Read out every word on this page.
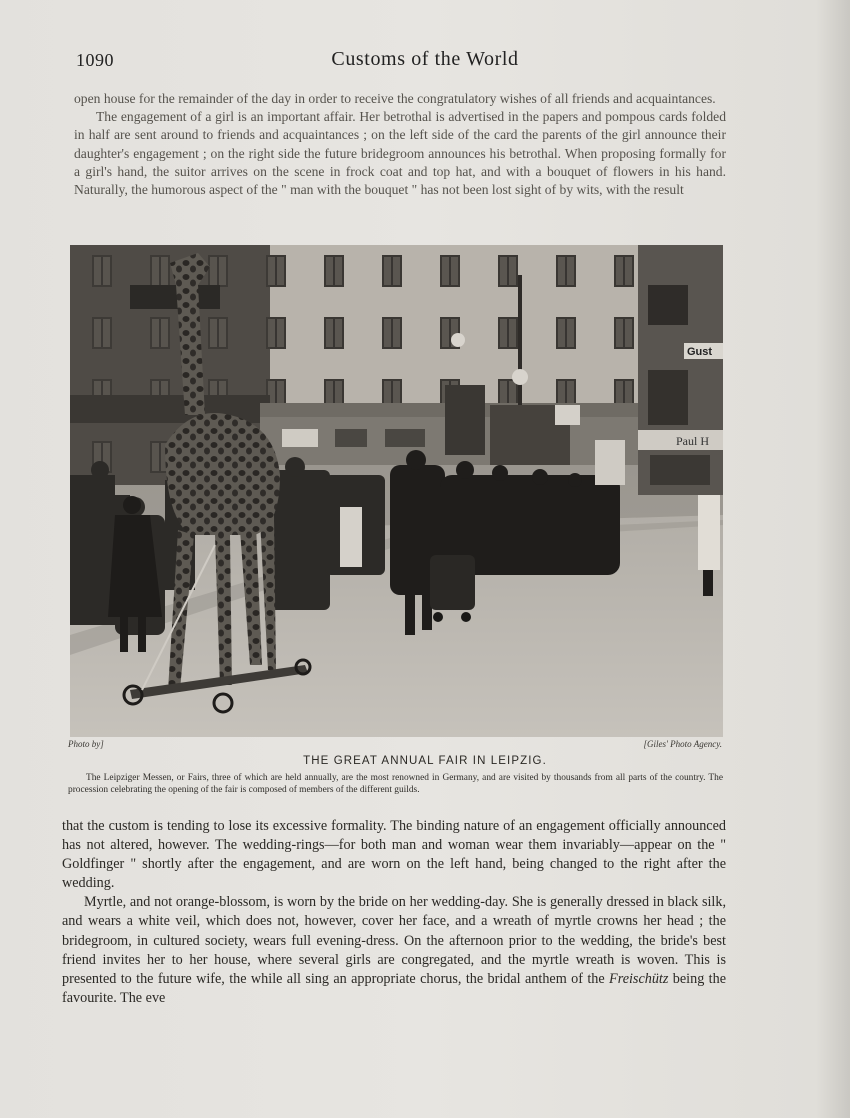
1090	Customs of the World

open house for the remainder of the day in order to receive the congratulatory wishes of all friends and acquaintances.

The engagement of a girl is an important affair. Her betrothal is advertised in the papers and pompous cards folded in half are sent around to friends and acquaintances ; on the left side of the card the parents of the girl announce their daughter's engagement ; on the right side the future bridegroom announces his betrothal. When proposing formally for a girl's hand, the suitor arrives on the scene in frock coat and top hat, and with a bouquet of flowers in his hand. Naturally, the humorous aspect of the " man with the bouquet " has not been lost sight of by wits, with the result

Gust
Paul H
Photo by]	[Giles' Photo Agency.
THE GREAT ANNUAL FAIR IN LEIPZIG.
The Leipziger Messen, or Fairs, three of which are held annually, are the most renowned in Germany, and are visited by thousands from all parts of the country. The procession celebrating the opening of the fair is composed of members of the different guilds.

that the custom is tending to lose its excessive formality. The binding nature of an engagement officially announced has not altered, however. The wedding-rings—for both man and woman wear them invariably—appear on the " Goldfinger " shortly after the engagement, and are worn on the left hand, being changed to the right after the wedding.

Myrtle, and not orange-blossom, is worn by the bride on her wedding-day. She is generally dressed in black silk, and wears a white veil, which does not, however, cover her face, and a wreath of myrtle crowns her head ; the bridegroom, in cultured society, wears full evening-dress. On the afternoon prior to the wedding, the bride's best friend invites her to her house, where several girls are congregated, and the myrtle wreath is woven. This is presented to the future wife, the while all sing an appropriate chorus, the bridal anthem of the Freischütz being the favourite. The eve
